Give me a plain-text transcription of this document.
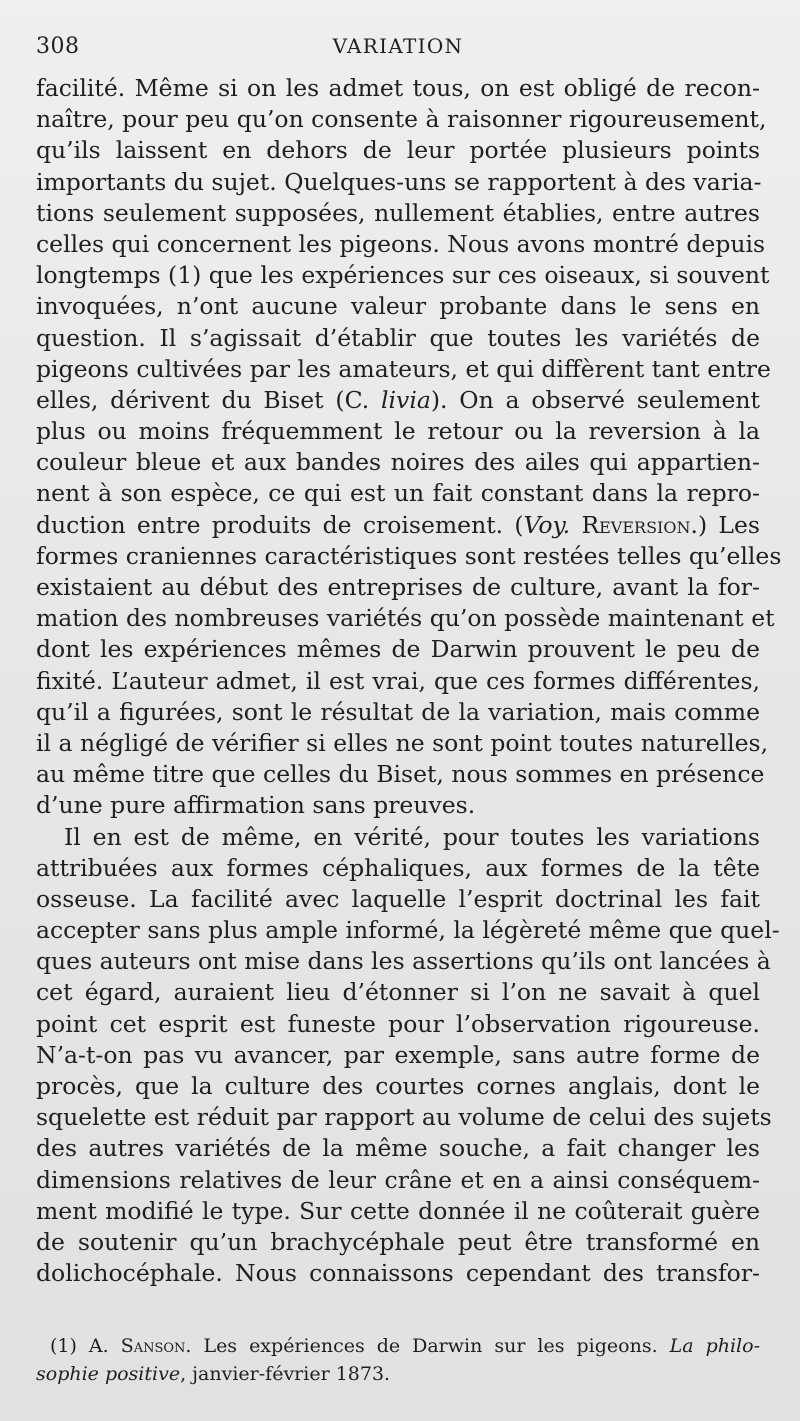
308	VARIATION
facilité. Même si on les admet tous, on est obligé de recon-
naître, pour peu qu’on consente à raisonner rigoureusement,
qu’ils laissent en dehors de leur portée plusieurs points
importants du sujet. Quelques-uns se rapportent à des varia-
tions seulement supposées, nullement établies, entre autres
celles qui concernent les pigeons. Nous avons montré depuis
longtemps (1) que les expériences sur ces oiseaux, si souvent
invoquées, n’ont aucune valeur probante dans le sens en
question. Il s’agissait d’établir que toutes les variétés de
pigeons cultivées par les amateurs, et qui diffèrent tant entre
elles, dérivent du Biset (C. livia). On a observé seulement
plus ou moins fréquemment le retour ou la reversion à la
couleur bleue et aux bandes noires des ailes qui appartien-
nent à son espèce, ce qui est un fait constant dans la repro-
duction entre produits de croisement. (Voy. Reversion.) Les
formes craniennes caractéristiques sont restées telles qu’elles
existaient au début des entreprises de culture, avant la for-
mation des nombreuses variétés qu’on possède maintenant et
dont les expériences mêmes de Darwin prouvent le peu de
fixité. L’auteur admet, il est vrai, que ces formes différentes,
qu’il a figurées, sont le résultat de la variation, mais comme
il a négligé de vérifier si elles ne sont point toutes naturelles,
au même titre que celles du Biset, nous sommes en présence
d’une pure affirmation sans preuves.
Il en est de même, en vérité, pour toutes les variations
attribuées aux formes céphaliques, aux formes de la tête
osseuse. La facilité avec laquelle l’esprit doctrinal les fait
accepter sans plus ample informé, la légèreté même que quel-
ques auteurs ont mise dans les assertions qu’ils ont lancées à
cet égard, auraient lieu d’étonner si l’on ne savait à quel
point cet esprit est funeste pour l’observation rigoureuse.
N’a-t-on pas vu avancer, par exemple, sans autre forme de
procès, que la culture des courtes cornes anglais, dont le
squelette est réduit par rapport au volume de celui des sujets
des autres variétés de la même souche, a fait changer les
dimensions relatives de leur crâne et en a ainsi conséquem-
ment modifié le type. Sur cette donnée il ne coûterait guère
de soutenir qu’un brachycéphale peut être transformé en
dolichocéphale. Nous connaissons cependant des transfor-
(1) A. Sanson. Les expériences de Darwin sur les pigeons. La philo-
sophie positive, janvier-février 1873.
